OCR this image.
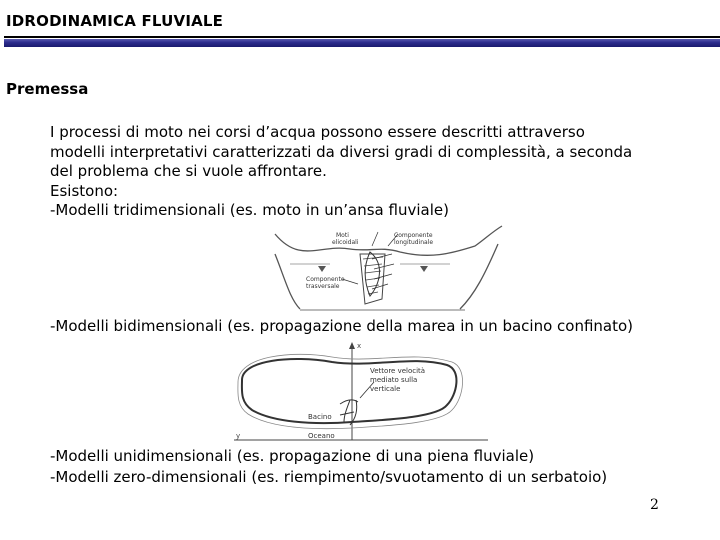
IDRODINAMICA FLUVIALE
Premessa

I processi di moto nei corsi d’acqua possono essere descritti attraverso

modelli interpretativi caratterizzati da diversi gradi di complessità, a seconda

del problema che si vuole affrontare.

Esistono:

-Modelli tridimensionali (es. moto in un’ansa fluviale)

Moti
elicoidali
Componente
longitudinale
Componente
trasversale
-Modelli bidimensionali (es. propagazione della marea in un bacino confinato)
x
y
Vettore velocità
mediato sulla
verticale
Bacino
Oceano
-Modelli unidimensionali (es. propagazione di una piena fluviale)
-Modelli zero-dimensionali (es. riempimento/svuotamento di un serbatoio)
2
